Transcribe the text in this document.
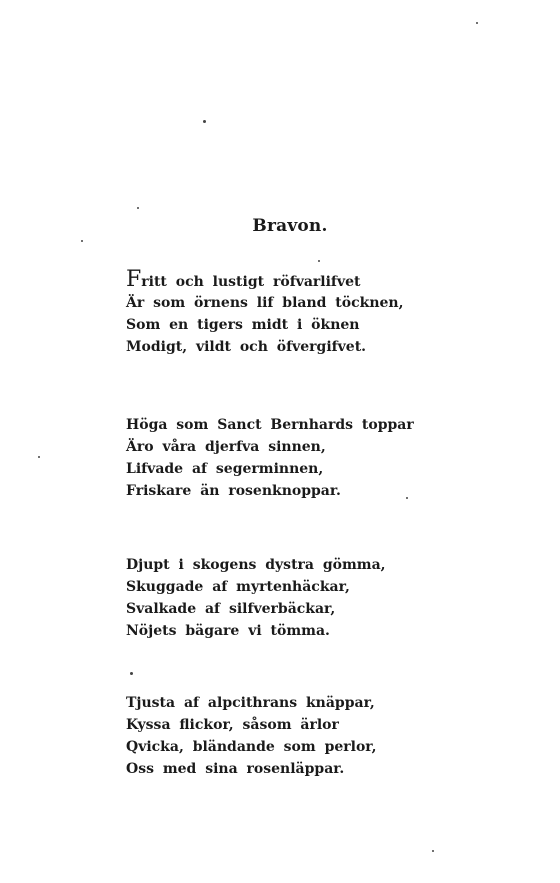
Bravon.
Fritt och lustigt röfvarlifvet
Är som örnens lif bland töcknen,
Som en tigers midt i öknen
Modigt, vildt och öfvergifvet.
Höga som Sanct Bernhards toppar
Äro våra djerfva sinnen,
Lifvade af segerminnen,
Friskare än rosenknoppar.
Djupt i skogens dystra gömma,
Skuggade af myrtenhäckar,
Svalkade af silfverbäckar,
Nöjets bägare vi tömma.
Tjusta af alpcithrans knäppar,
Kyssa flickor, såsom ärlor
Qvicka, bländande som perlor,
Oss med sina rosenläppar.
